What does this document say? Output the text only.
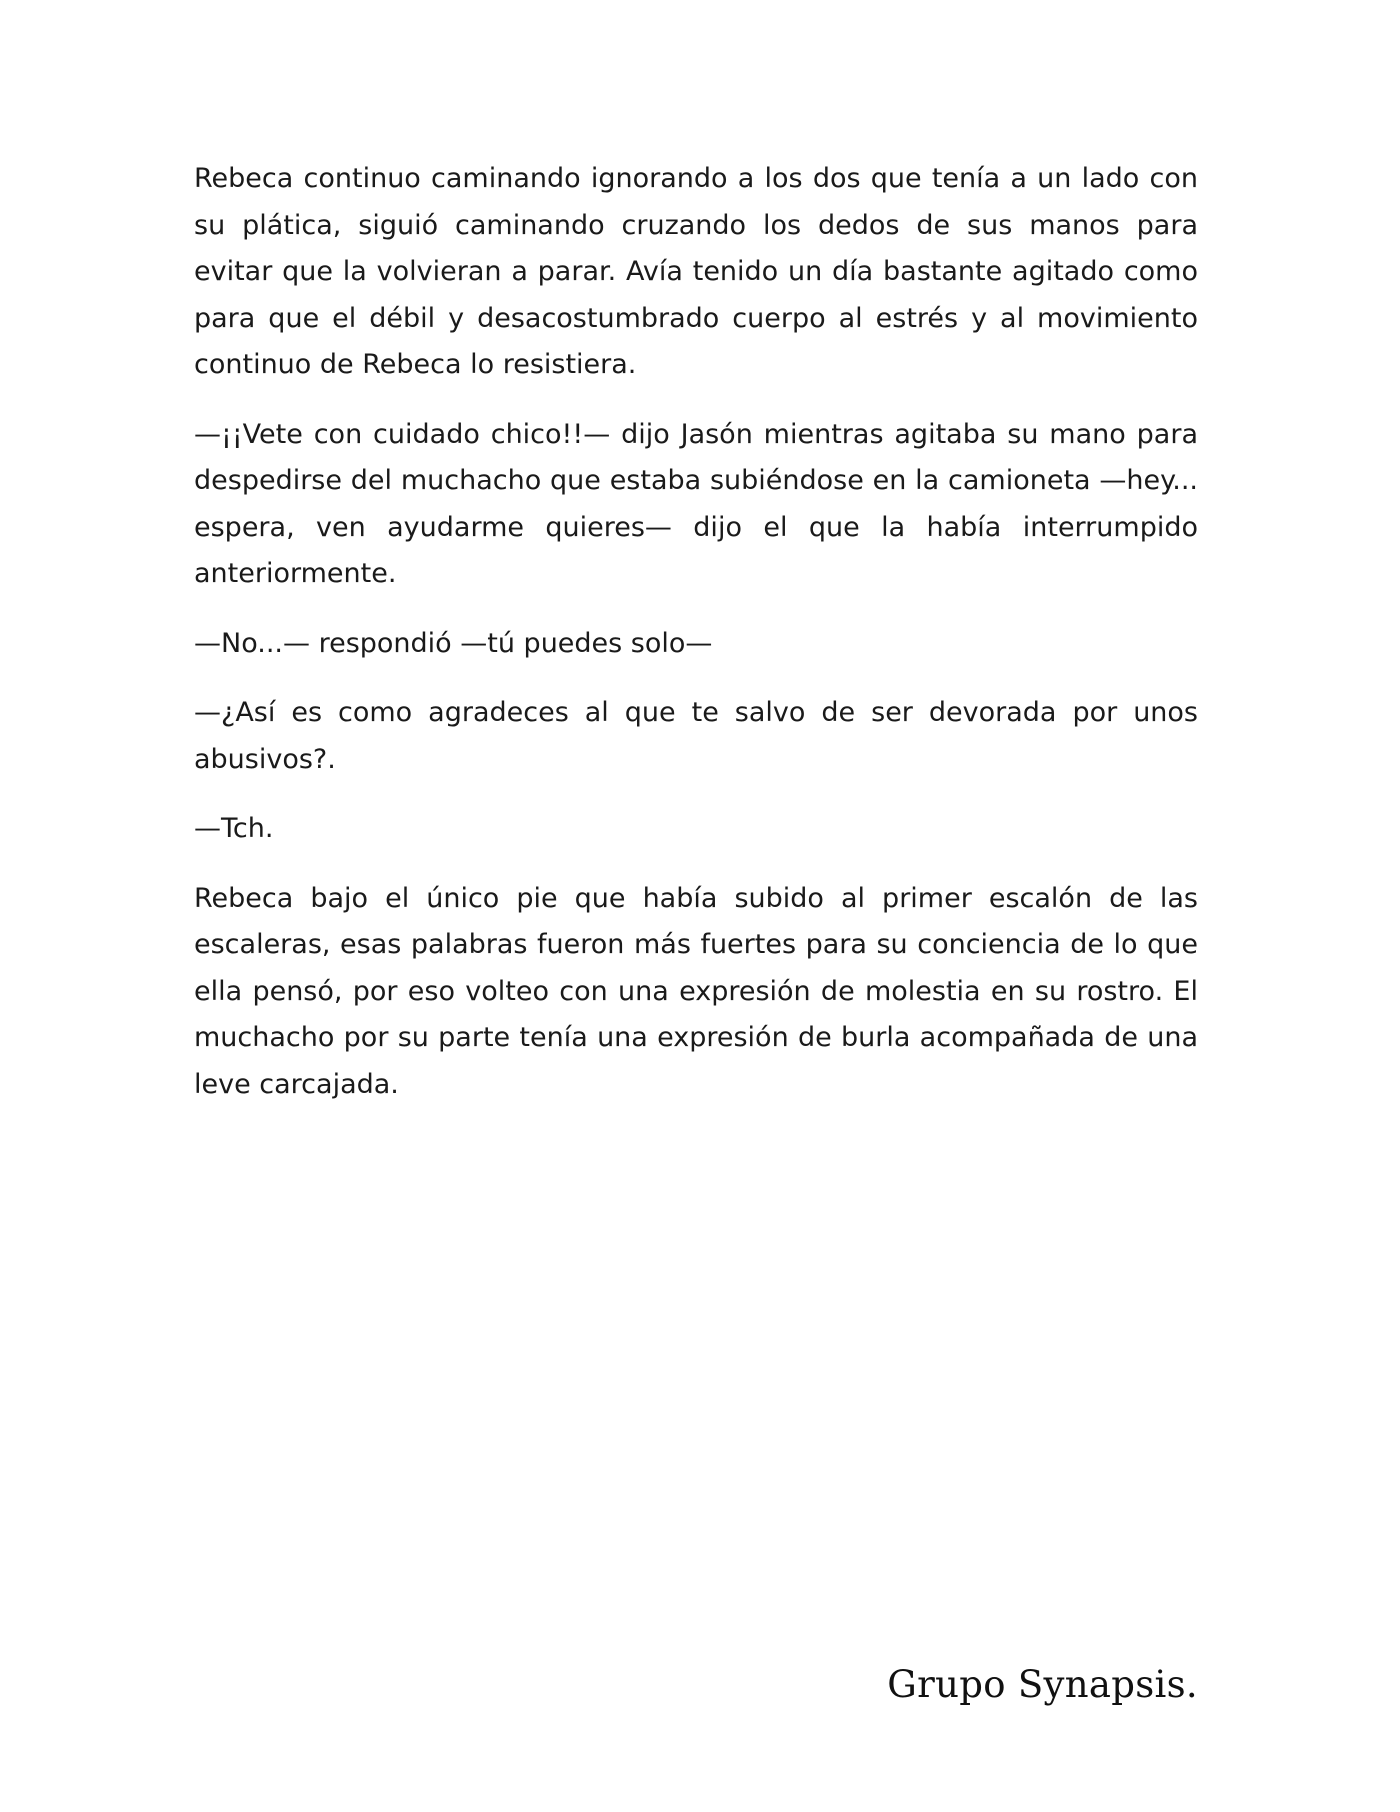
Rebeca continuo caminando ignorando a los dos que tenía a un lado con su plática, siguió caminando cruzando los dedos de sus manos para evitar que la volvieran a parar. Avía tenido un día bastante agitado como para que el débil y desacostumbrado cuerpo al estrés y al movimiento continuo de Rebeca lo resistiera.

—¡¡Vete con cuidado chico!!— dijo Jasón mientras agitaba su mano para despedirse del muchacho que estaba subiéndose en la camioneta —hey... espera, ven ayudarme quieres— dijo el que la había interrumpido anteriormente.

—No...— respondió —tú puedes solo—

—¿Así es como agradeces al que te salvo de ser devorada por unos abusivos?.

—Tch.

Rebeca bajo el único pie que había subido al primer escalón de las escaleras, esas palabras fueron más fuertes para su conciencia de lo que ella pensó, por eso volteo con una expresión de molestia en su rostro. El muchacho por su parte tenía una expresión de burla acompañada de una leve carcajada.

Grupo Synapsis.
